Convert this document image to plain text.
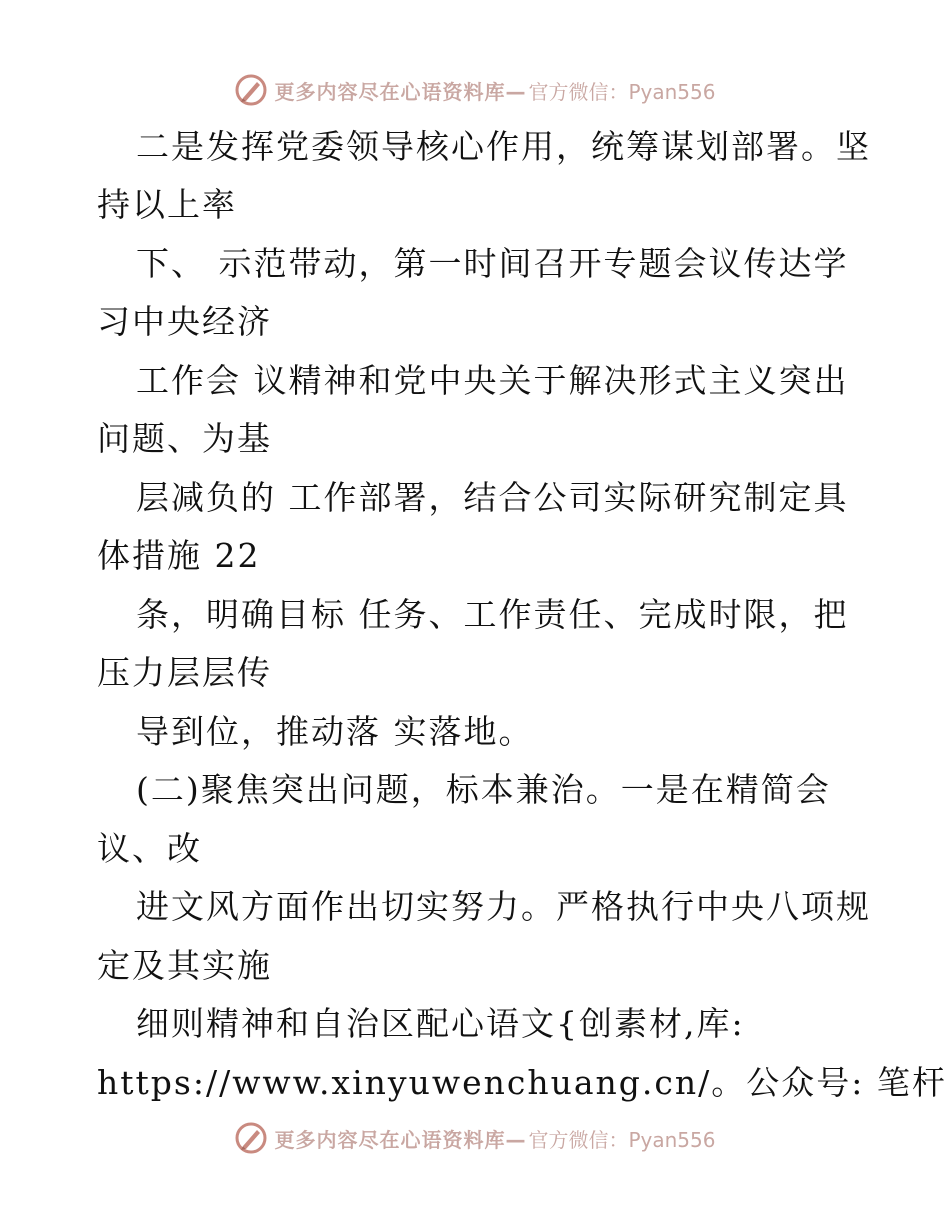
更多内容尽在心语资料库— 官方微信：Pyan556
二是发挥党委领导核心作用，统筹谋划部署。坚
持以上率
下、 示范带动，第一时间召开专题会议传达学
习中央经济
工作会 议精神和党中央关于解决形式主义突出
问题、为基
层减负的 工作部署，结合公司实际研究制定具
体措施 22
条，明确目标 任务、工作责任、完成时限，把
压力层层传
导到位，推动落 实落地。
(二)聚焦突出问题，标本兼治。一是在精简会
议、改
进文风方面作出切实努力。严格执行中央八项规
定及其实施
细则精神和自治区配心语文{创素材,库:
https://www.xinyuwenchuang.cn/。公众号: 笔杆
更多内容尽在心语资料库— 官方微信：Pyan556
